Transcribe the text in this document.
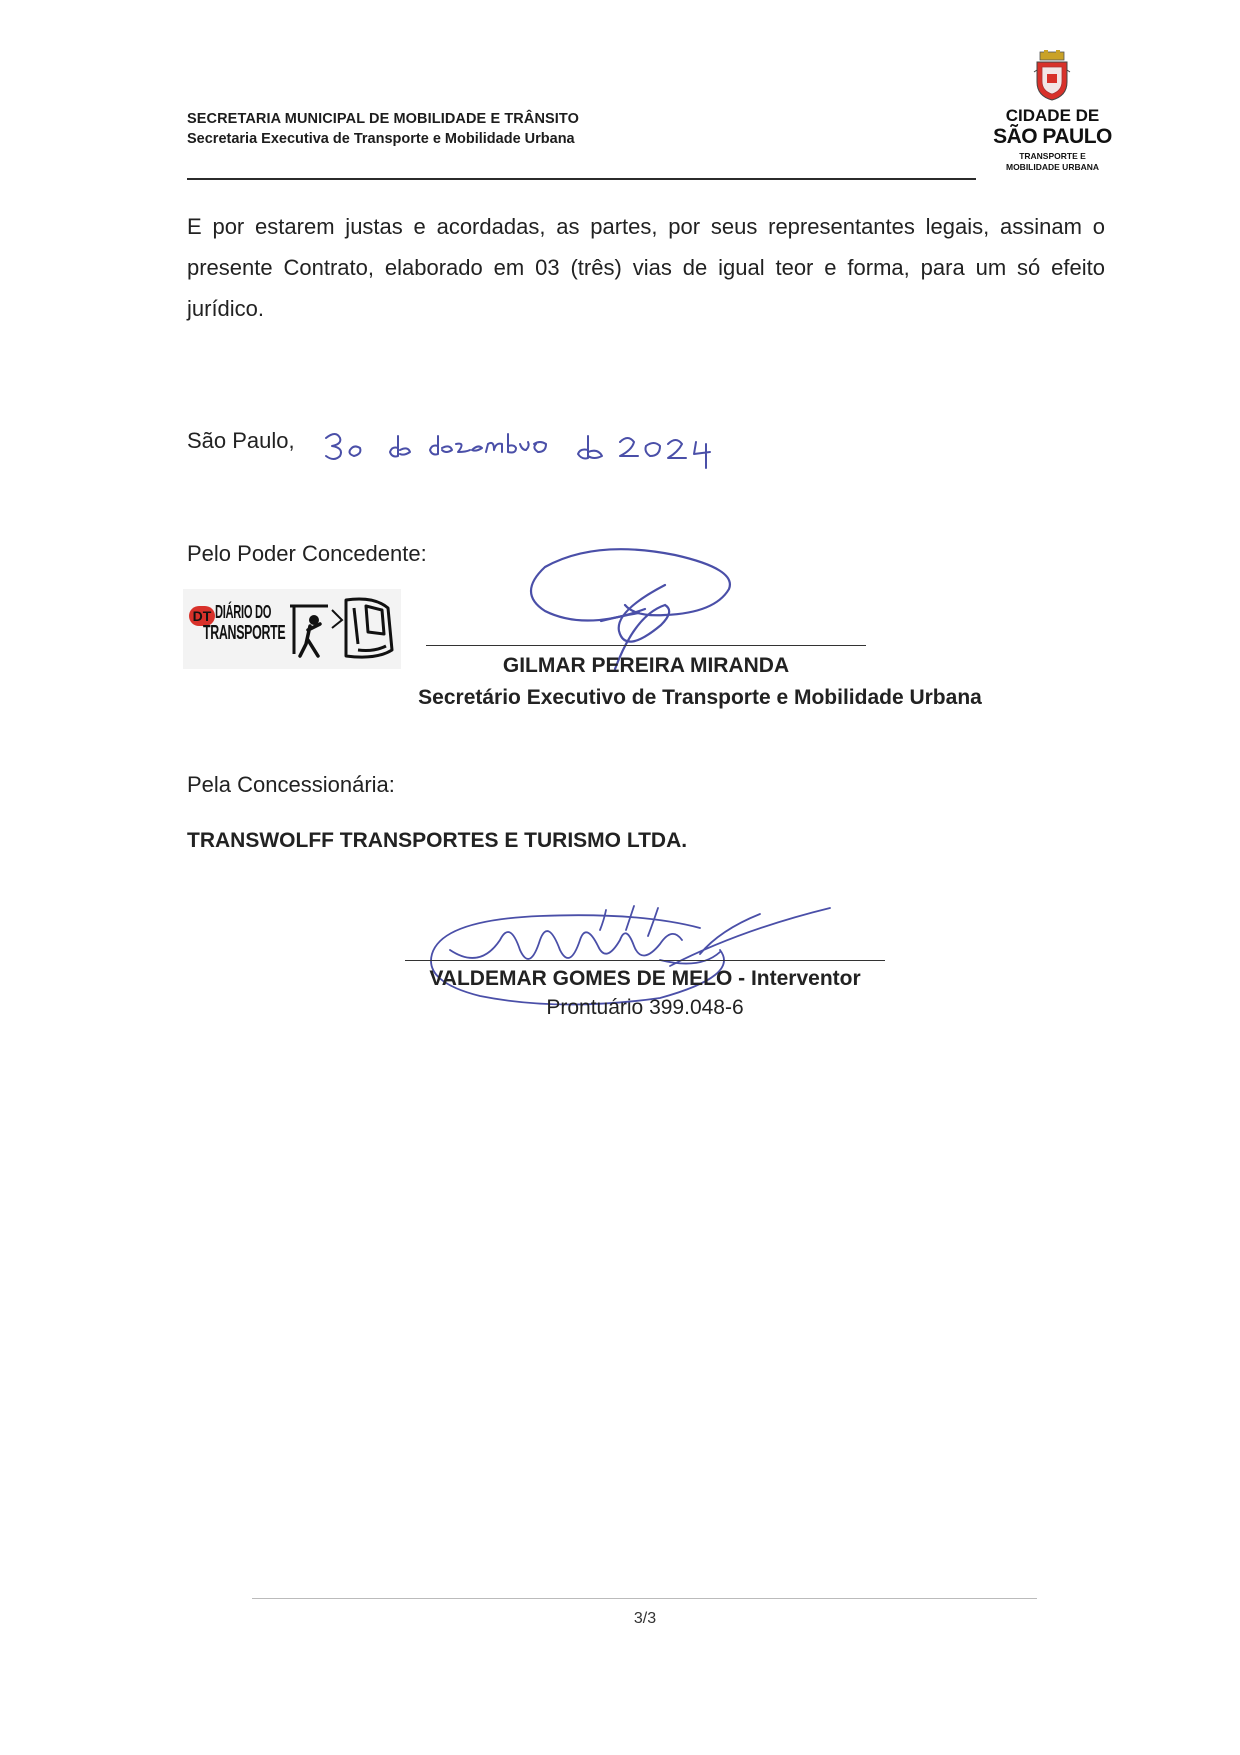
SECRETARIA MUNICIPAL DE MOBILIDADE E TRÂNSITO
Secretaria Executiva de Transporte e Mobilidade Urbana
CIDADE DE
SÃO PAULO
TRANSPORTE E
MOBILIDADE URBANA
E por estarem justas e acordadas, as partes, por seus representantes legais, assinam o presente Contrato, elaborado em 03 (três) vias de igual teor e forma, para um só efeito jurídico.
São Paulo,
Pelo Poder Concedente:
DT DIÁRIO DO
TRANSPORTE
GILMAR PEREIRA MIRANDA
Secretário Executivo de Transporte e Mobilidade Urbana
Pela Concessionária:
TRANSWOLFF TRANSPORTES E TURISMO LTDA.
VALDEMAR GOMES DE MELO - Interventor
Prontuário 399.048-6
3/3
